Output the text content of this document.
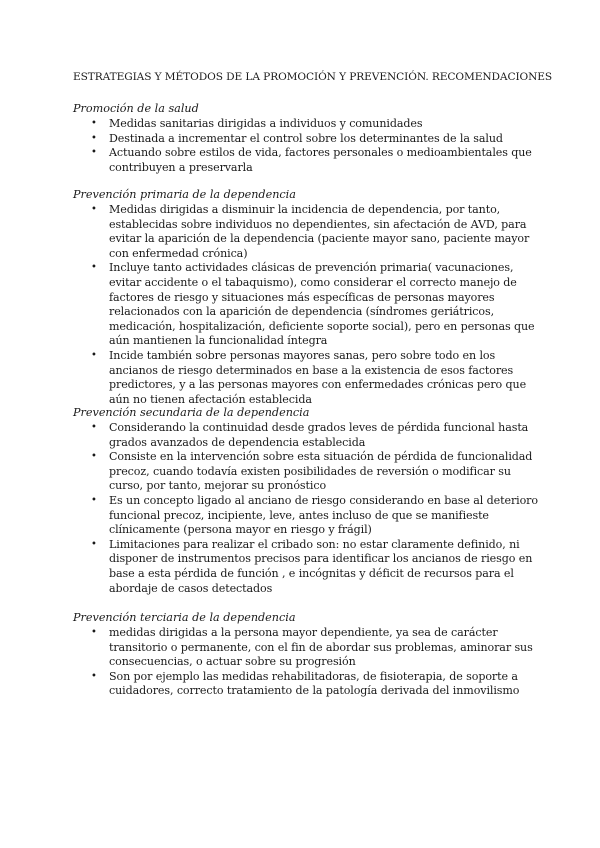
ESTRATEGIAS Y MÉTODOS DE LA PROMOCIÓN Y PREVENCIÓN. RECOMENDACIONES
Promoción de la salud
• Medidas sanitarias dirigidas a individuos y comunidades
• Destinada a incrementar el control sobre los determinantes de la salud
• Actuando sobre estilos de vida, factores personales o medioambientales que contribuyen a preservarla
Prevención primaria de la dependencia
• Medidas dirigidas a disminuir la incidencia de dependencia, por tanto, establecidas sobre individuos no dependientes, sin afectación de AVD, para evitar la aparición de la dependencia (paciente mayor sano, paciente mayor con enfermedad crónica)
• Incluye tanto actividades clásicas de prevención primaria( vacunaciones, evitar accidente o el tabaquismo), como considerar el correcto manejo de factores de riesgo y situaciones más específicas de personas mayores relacionados con la aparición de dependencia (síndromes geriátricos, medicación, hospitalización, deficiente soporte social), pero en personas que aún mantienen la funcionalidad íntegra
• Incide también sobre personas mayores sanas, pero sobre todo en los ancianos de riesgo determinados en base a la existencia de esos factores predictores, y a las personas mayores con enfermedades crónicas pero que aún no tienen afectación establecida
Prevención secundaria de la dependencia
• Considerando la continuidad desde grados leves de pérdida funcional hasta grados avanzados de dependencia establecida
• Consiste en la intervención sobre esta situación de pérdida de funcionalidad precoz, cuando todavía existen posibilidades de reversión o modificar su curso, por tanto, mejorar su pronóstico
• Es un concepto ligado al anciano de riesgo considerando en base al deterioro funcional precoz, incipiente, leve, antes incluso de que se manifieste clínicamente (persona mayor en riesgo y frágil)
• Limitaciones para realizar el cribado son: no estar claramente definido, ni disponer de instrumentos precisos para identificar los ancianos de riesgo en base a esta pérdida de función , e incógnitas y déficit de recursos para el abordaje de casos detectados
Prevención terciaria de la dependencia
• medidas dirigidas a la persona mayor dependiente, ya sea de carácter transitorio o permanente, con el fin de abordar sus problemas, aminorar sus consecuencias, o actuar sobre su progresión
• Son por ejemplo las medidas rehabilitadoras, de fisioterapia, de soporte a cuidadores, correcto tratamiento de la patología derivada del inmovilismo
